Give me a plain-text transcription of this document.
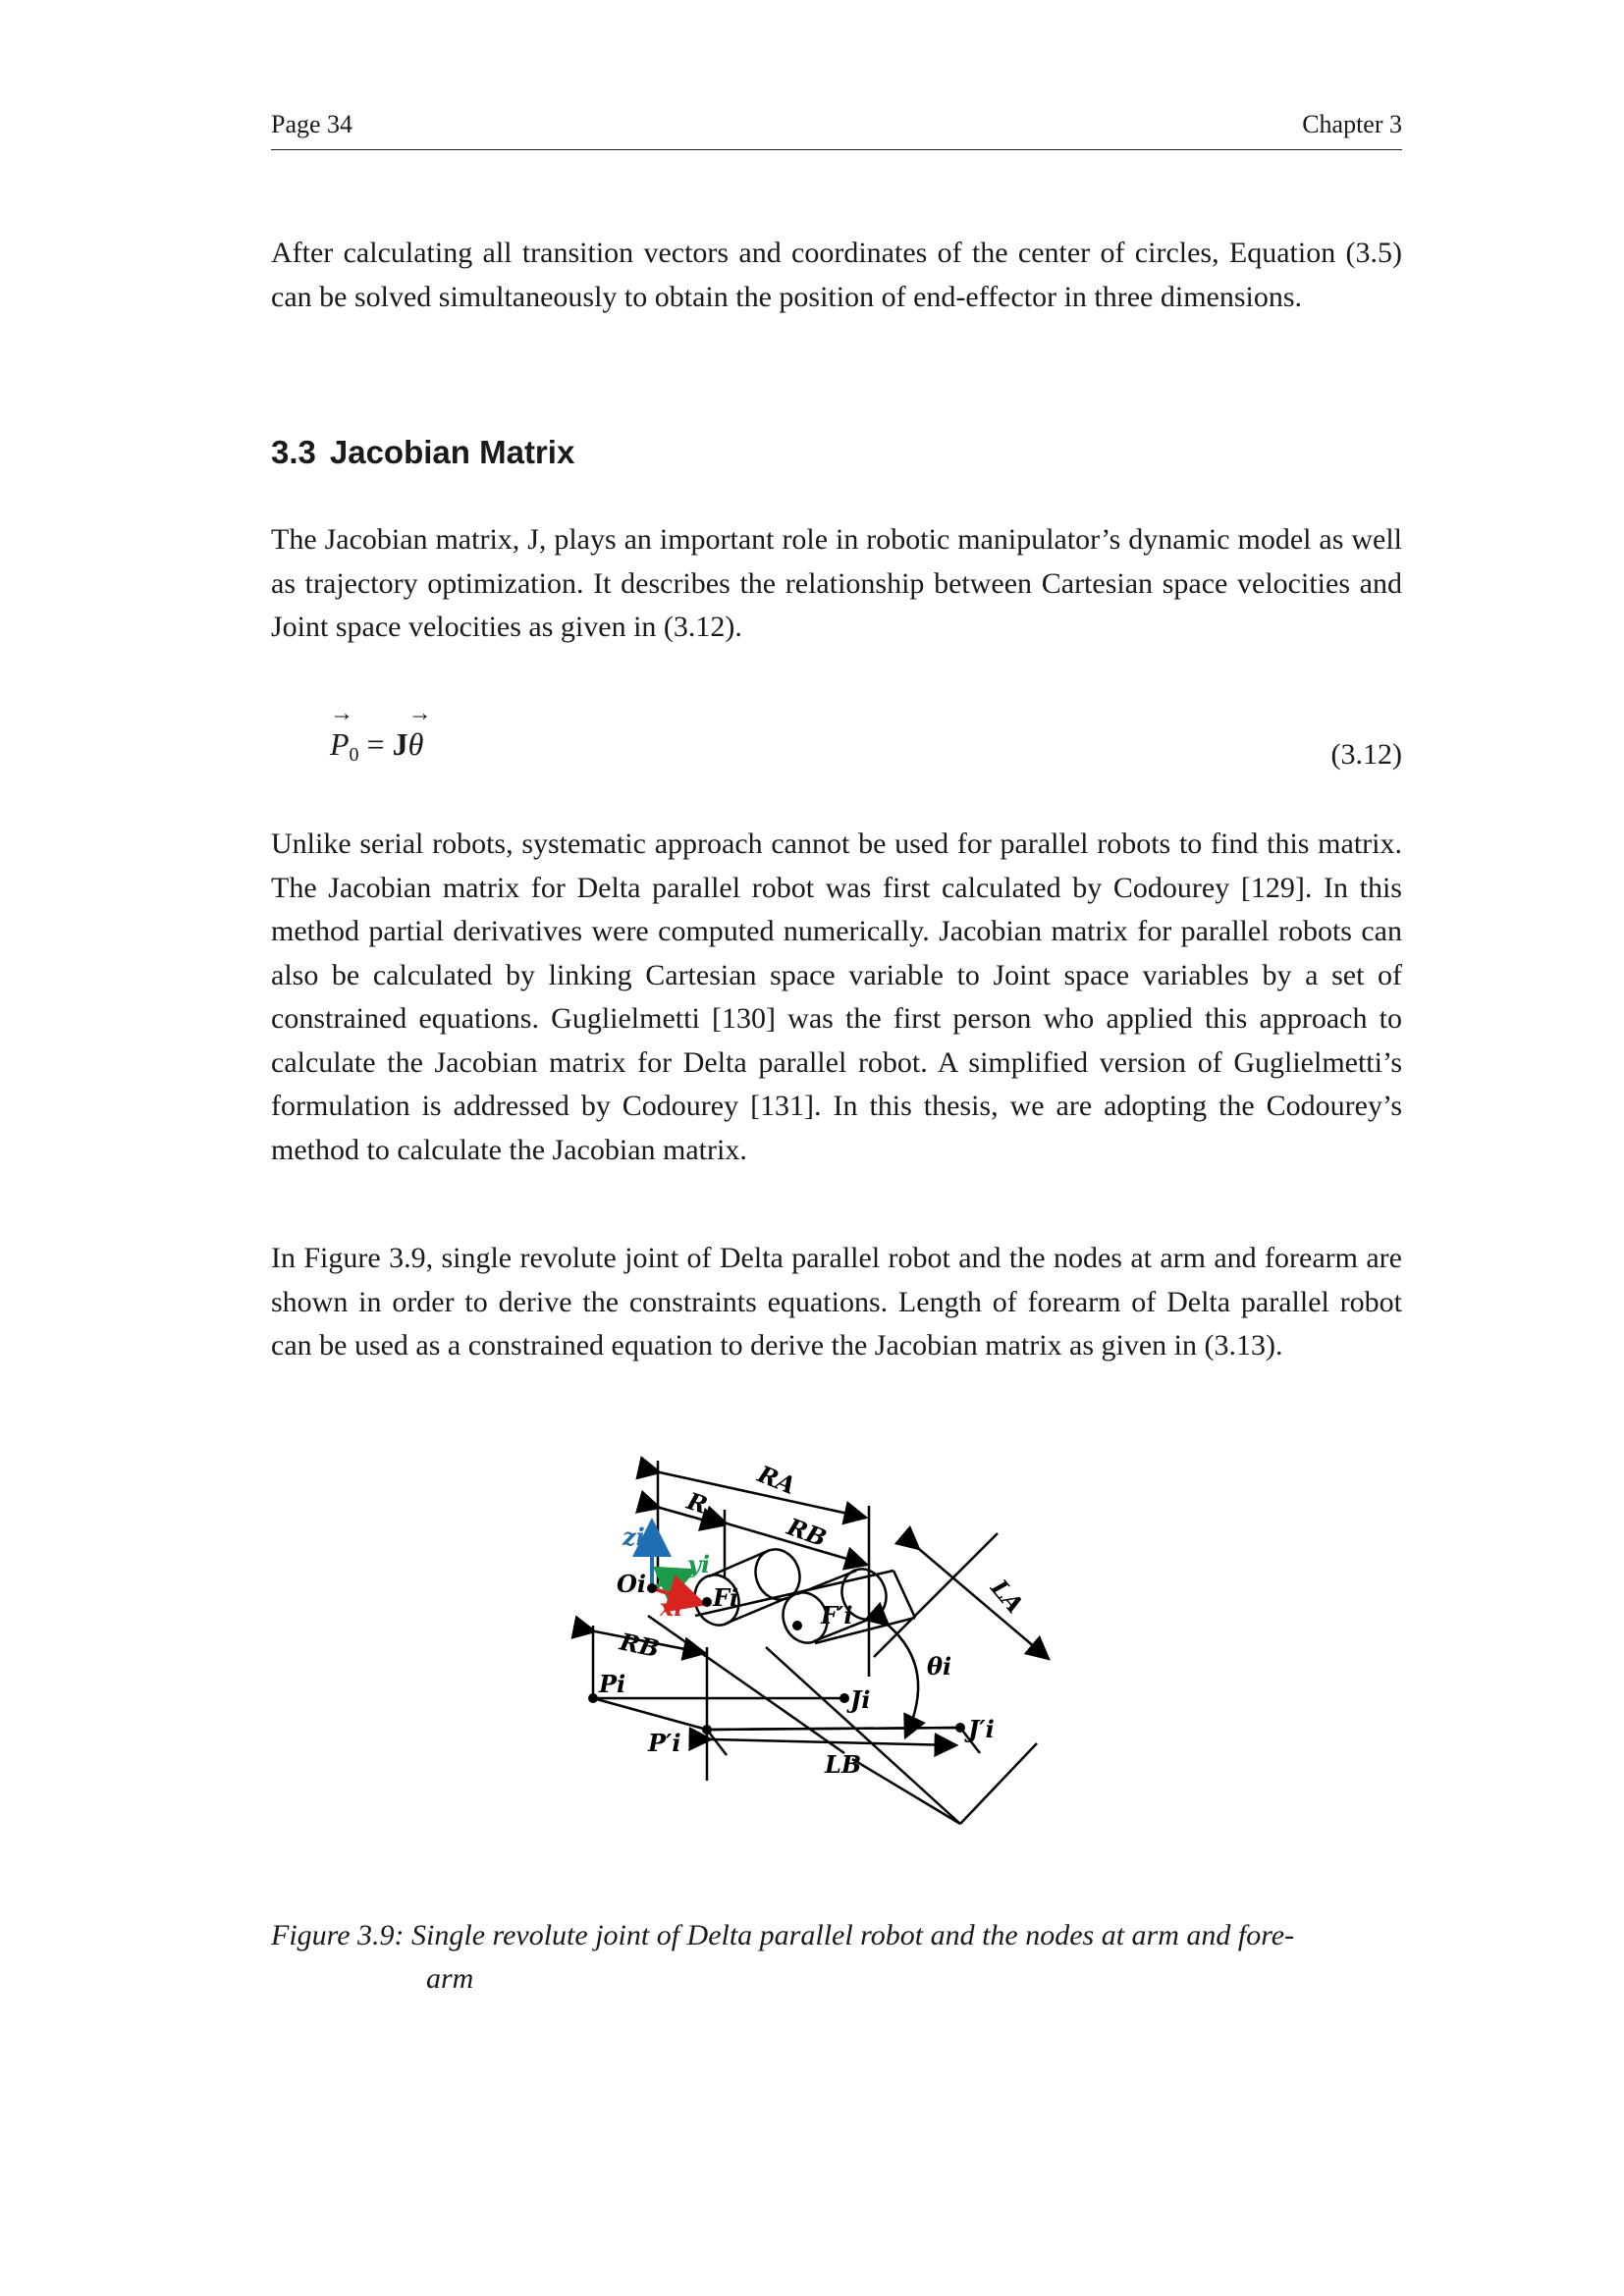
Page 34	Chapter 3

After calculating all transition vectors and coordinates of the center of circles, Equation (3.5) can be solved simultaneously to obtain the position of end-effector in three dimensions.

3.3 Jacobian Matrix

The Jacobian matrix, J, plays an important role in robotic manipulator’s dynamic model as well as trajectory optimization. It describes the relationship between Cartesian space velocities and Joint space velocities as given in (3.12).

→
$P_0 = J$
→
θ	(3.12)

Unlike serial robots, systematic approach cannot be used for parallel robots to find this matrix. The Jacobian matrix for Delta parallel robot was first calculated by Codourey [129]. In this method partial derivatives were computed numerically. Jacobian matrix for parallel robots can also be calculated by linking Cartesian space variable to Joint space variables by a set of constrained equations. Guglielmetti [130] was the first person who applied this approach to calculate the Jacobian matrix for Delta parallel robot. A simplified version of Guglielmetti’s formulation is addressed by Codourey [131]. In this thesis, we are adopting the Codourey’s method to calculate the Jacobian matrix.

In Figure 3.9, single revolute joint of Delta parallel robot and the nodes at arm and forearm are shown in order to derive the constraints equations. Length of forearm of Delta parallel robot can be used as a constrained equation to derive the Jacobian matrix as given in (3.13).

RA
R
RB
zi
yi
Oi
xi Fi
F′i	LA
θi
RB
Pi
Ji
J′i
P′i
LB
Figure 3.9: Single revolute joint of Delta parallel robot and the nodes at arm and fore-
arm
